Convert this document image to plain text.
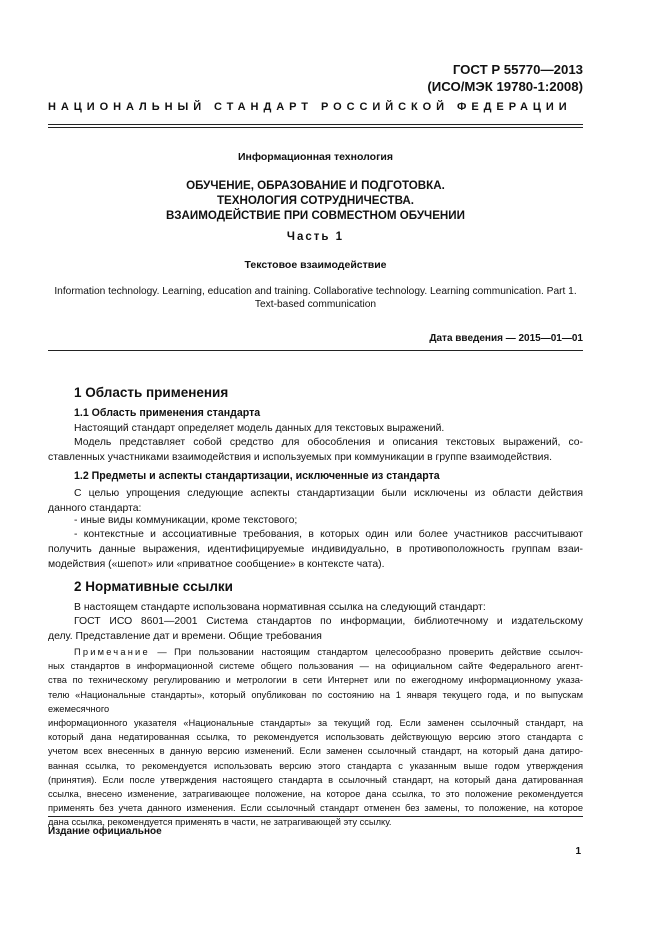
ГОСТ Р 55770—2013
(ИСО/МЭК 19780-1:2008)
НАЦИОНАЛЬНЫЙ СТАНДАРТ РОССИЙСКОЙ ФЕДЕРАЦИИ
Информационная технология
ОБУЧЕНИЕ, ОБРАЗОВАНИЕ И ПОДГОТОВКА.
ТЕХНОЛОГИЯ СОТРУДНИЧЕСТВА.
ВЗАИМОДЕЙСТВИЕ ПРИ СОВМЕСТНОМ ОБУЧЕНИИ
Часть 1
Текстовое взаимодействие
Information technology. Learning, education and training. Collaborative technology. Learning communication. Part 1.
Text-based communication
Дата введения — 2015—01—01
1 Область применения
1.1 Область применения стандарта
Настоящий стандарт определяет модель данных для текстовых выражений.
Модель представляет собой средство для обособления и описания текстовых выражений, со-
ставленных участниками взаимодействия и используемых при коммуникации в группе взаимодействия.
1.2 Предметы и аспекты стандартизации, исключенные из стандарта
С целью упрощения следующие аспекты стандартизации были исключены из области действия
данного стандарта:
- иные виды коммуникации, кроме текстового;
- контекстные и ассоциативные требования, в которых один или более участников рассчитывают
получить данные выражения, идентифицируемые индивидуально, в противоположность группам взаи-
модействия («шепот» или «приватное сообщение» в контексте чата).
2 Нормативные ссылки
В настоящем стандарте использована нормативная ссылка на следующий стандарт:
ГОСТ ИСО 8601—2001 Система стандартов по информации, библиотечному и издательскому
делу. Представление дат и времени. Общие требования
Примечание — При пользовании настоящим стандартом целесообразно проверить действие ссылоч-
ных стандартов в информационной системе общего пользования — на официальном сайте Федерального агент-
ства по техническому регулированию и метрологии в сети Интернет или по ежегодному информационному указа-
телю «Национальные стандарты», который опубликован по состоянию на 1 января текущего года, и по выпускам ежемесячного
информационного указателя «Национальные стандарты» за текущий год. Если заменен ссылочный стандарт, на
который дана недатированная ссылка, то рекомендуется использовать действующую версию этого стандарта с
учетом всех внесенных в данную версию изменений. Если заменен ссылочный стандарт, на который дана датиро-
ванная ссылка, то рекомендуется использовать версию этого стандарта с указанным выше годом утверждения
(принятия). Если после утверждения настоящего стандарта в ссылочный стандарт, на который дана датированная
ссылка, внесено изменение, затрагивающее положение, на которое дана ссылка, то это положение рекомендуется
применять без учета данного изменения. Если ссылочный стандарт отменен без замены, то положение, на которое
дана ссылка, рекомендуется применять в части, не затрагивающей эту ссылку.
Издание официальное
1
